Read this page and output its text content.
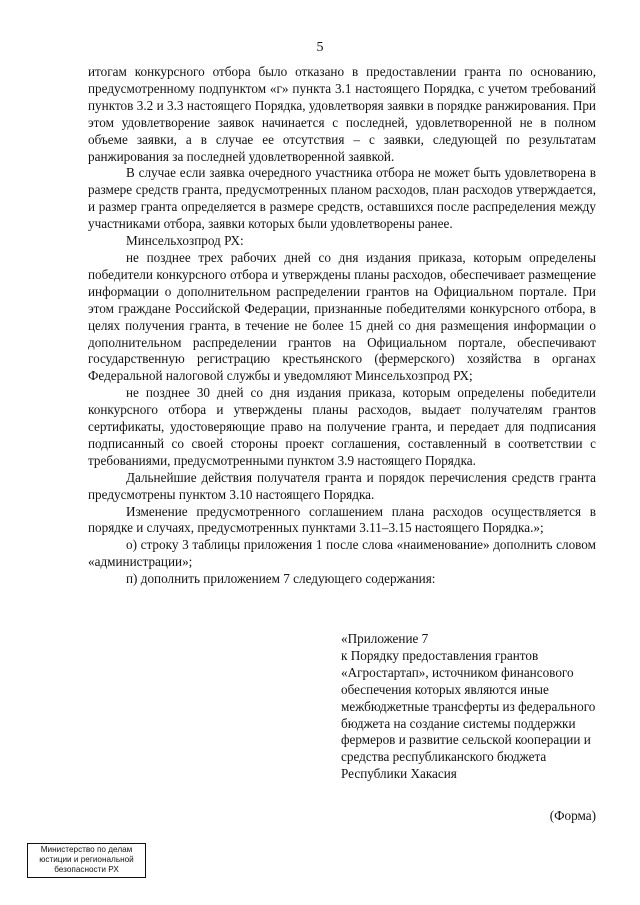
5

итогам конкурсного отбора было отказано в предоставлении гранта по основанию, предусмотренному подпунктом «г» пункта 3.1 настоящего Порядка, с учетом требований пунктов 3.2 и 3.3 настоящего Порядка, удовлетворяя заявки в порядке ранжирования. При этом удовлетворение заявок начинается с последней, удовлетворенной не в полном объеме заявки, а в случае ее отсутствия – с заявки, следующей по результатам ранжирования за последней удовлетворенной заявкой.

В случае если заявка очередного участника отбора не может быть удовлетворена в размере средств гранта, предусмотренных планом расходов, план расходов утверждается, и размер гранта определяется в размере средств, оставшихся после распределения между участниками отбора, заявки которых были удовлетворены ранее.

Минсельхозпрод РХ:

не позднее трех рабочих дней со дня издания приказа, которым определены победители конкурсного отбора и утверждены планы расходов, обеспечивает размещение информации о дополнительном распределении грантов на Официальном портале. При этом граждане Российской Федерации, признанные победителями конкурсного отбора, в целях получения гранта, в течение не более 15 дней со дня размещения информации о дополнительном распределении грантов на Официальном портале, обеспечивают государственную регистрацию крестьянского (фермерского) хозяйства в органах Федеральной налоговой службы и уведомляют Минсельхозпрод РХ;

не позднее 30 дней со дня издания приказа, которым определены победители конкурсного отбора и утверждены планы расходов, выдает получателям грантов сертификаты, удостоверяющие право на получение гранта, и передает для подписания подписанный со своей стороны проект соглашения, составленный в соответствии с требованиями, предусмотренными пунктом 3.9 настоящего Порядка.

Дальнейшие действия получателя гранта и порядок перечисления средств гранта предусмотрены пунктом 3.10 настоящего Порядка.

Изменение предусмотренного соглашением плана расходов осуществляется в порядке и случаях, предусмотренных пунктами 3.11–3.15 настоящего Порядка.»;

о) строку 3 таблицы приложения 1 после слова «наименование» дополнить словом «администрации»;

п) дополнить приложением 7 следующего содержания:

«Приложение 7
к Порядку предоставления грантов «Агростартап», источником финансового обеспечения которых являются иные межбюджетные трансферты из федерального бюджета на создание системы поддержки фермеров и развитие сельской кооперации и средства республиканского бюджета Республики Хакасия
(Форма)
Министерство по делам
юстиции и региональной
безопасности РХ
